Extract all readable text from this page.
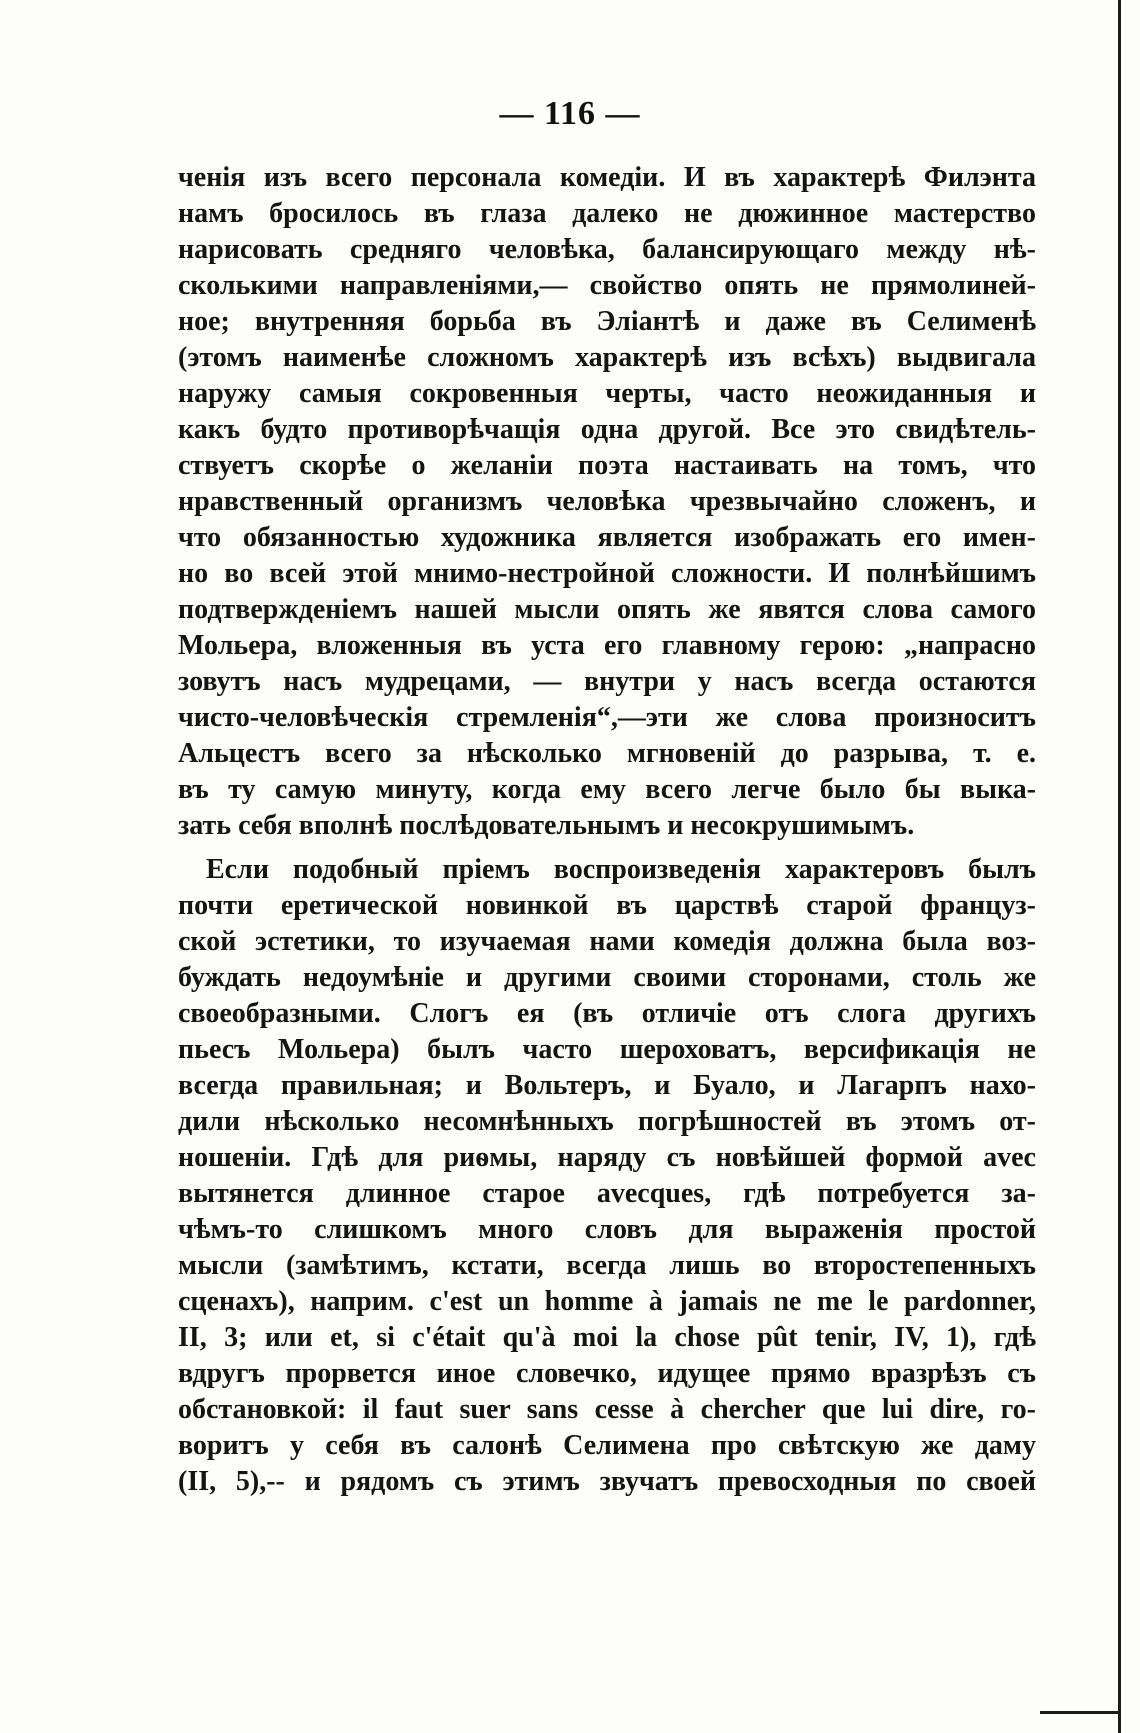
— 116 —
ченія изъ всего персонала комедіи. И въ характерѣ Филэнта
намъ бросилось въ глаза далеко не дюжинное мастерство
нарисовать средняго человѣка, балансирующаго между нѣ-
сколькими направленіями,— свойство опять не прямолиней-
ное; внутренняя борьба въ Эліантѣ и даже въ Селименѣ
(этомъ наименѣе сложномъ характерѣ изъ всѣхъ) выдвигала
наружу самыя сокровенныя черты, часто неожиданныя и
какъ будто противорѣчащія одна другой. Все это свидѣтель-
ствуетъ скорѣе о желаніи поэта настаивать на томъ, что
нравственный организмъ человѣка чрезвычайно сложенъ, и
что обязанностью художника является изображать его имен-
но во всей этой мнимо-нестройной сложности. И полнѣйшимъ
подтвержденіемъ нашей мысли опять же явятся слова самого
Мольера, вложенныя въ уста его главному герою: „напрасно
зовутъ насъ мудрецами, — внутри у насъ всегда остаются
чисто-человѣческія стремленія“,—эти же слова произноситъ
Альцестъ всего за нѣсколько мгновеній до разрыва, т. е.
въ ту самую минуту, когда ему всего легче было бы выка-
зать себя вполнѣ послѣдовательнымъ и несокрушимымъ.
Если подобный пріемъ воспроизведенія характеровъ былъ
почти еретической новинкой въ царствѣ старой француз-
ской эстетики, то изучаемая нами комедія должна была воз-
буждать недоумѣніе и другими своими сторонами, столь же
своеобразными. Слогъ ея (въ отличіе отъ слога другихъ
пьесъ Мольера) былъ часто шероховатъ, версификація не
всегда правильная; и Вольтеръ, и Буало, и Лагарпъ нахо-
дили нѣсколько несомнѣнныхъ погрѣшностей въ этомъ от-
ношеніи. Гдѣ для риѳмы, наряду съ новѣйшей формой avec
вытянется длинное старое avecques, гдѣ потребуется за-
чѣмъ-то слишкомъ много словъ для выраженія простой
мысли (замѣтимъ, кстати, всегда лишь во второстепенныхъ
сценахъ), наприм. c'est un homme à jamais ne me le pardonner,
II, 3; или et, si c'était qu'à moi la chose pût tenir, IV, 1), гдѣ
вдругъ прорвется иное словечко, идущее прямо вразрѣзъ съ
обстановкой: il faut suer sans cesse à chercher que lui dire, го-
воритъ у себя въ салонѣ Селимена про свѣтскую же даму
(II, 5),-- и рядомъ съ этимъ звучатъ превосходныя по своей
